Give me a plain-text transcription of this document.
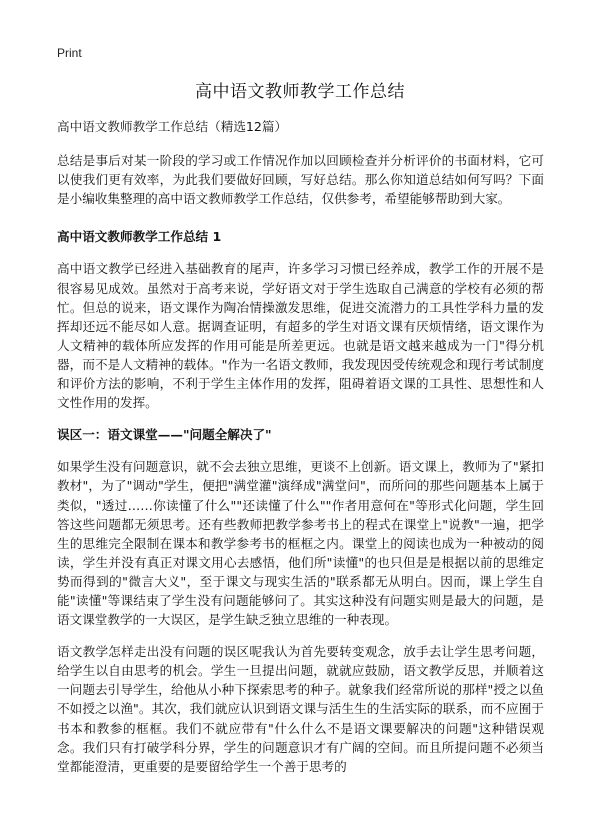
Print
高中语文教师教学工作总结

高中语文教师教学工作总结（精选12篇）

总结是事后对某一阶段的学习或工作情况作加以回顾检查并分析评价的书面材料，它可以使我们更有效率，为此我们要做好回顾，写好总结。那么你知道总结如何写吗？下面是小编收集整理的高中语文教师教学工作总结，仅供参考，希望能够帮助到大家。

高中语文教师教学工作总结 1

高中语文教学已经进入基础教育的尾声，许多学习习惯已经养成，教学工作的开展不是很容易见成效。虽然对于高考来说，学好语文对于学生选取自己满意的学校有必须的帮忙。但总的说来，语文课作为陶冶情操激发思维，促进交流潜力的工具性学科力量的发挥却还远不能尽如人意。据调查证明，有超多的学生对语文课有厌烦情绪，语文课作为人文精神的载体所应发挥的作用可能是所差更远。也就是语文越来越成为一门"得分机器，而不是人文精神的载体。"作为一名语文教师，我发现因受传统观念和现行考试制度和评价方法的影响，不利于学生主体作用的发挥，阻碍着语文课的工具性、思想性和人文性作用的发挥。

误区一：语文课堂——"问题全解决了"

如果学生没有问题意识，就不会去独立思维，更谈不上创新。语文课上，教师为了"紧扣教材"，为了"调动"学生，便把"满堂灌"演绎成"满堂问"，而所问的那些问题基本上属于类似，"透过……你读懂了什么""还读懂了什么""作者用意何在"等形式化问题，学生回答这些问题都无须思考。还有些教师把教学参考书上的程式在课堂上"说教"一遍，把学生的思维完全限制在课本和教学参考书的框框之内。课堂上的阅读也成为一种被动的阅读，学生并没有真正对课文用心去感悟，他们所"读懂"的也只但是是根据以前的思维定势而得到的"微言大义"，至于课文与现实生活的"联系都无从明白。因而，课上学生自能"读懂"等课结束了学生没有问题能够问了。其实这种没有问题实则是最大的问题，是语文课堂教学的一大误区，是学生缺乏独立思维的一种表现。

语文教学怎样走出没有问题的误区呢我认为首先要转变观念，放手去让学生思考问题，给学生以自由思考的机会。学生一旦提出问题，就就应鼓励，语文教学反思，并顺着这一问题去引导学生，给他从小种下探索思考的种子。就象我们经常所说的那样"授之以鱼不如授之以渔"。其次，我们就应认识到语文课与活生生的生活实际的联系，而不应囿于书本和教参的框框。我们不就应带有"什么什么不是语文课要解决的问题"这种错误观念。我们只有打破学科分界，学生的问题意识才有广阔的空间。而且所提问题不必须当堂都能澄清，更重要的是要留给学生一个善于思考的
